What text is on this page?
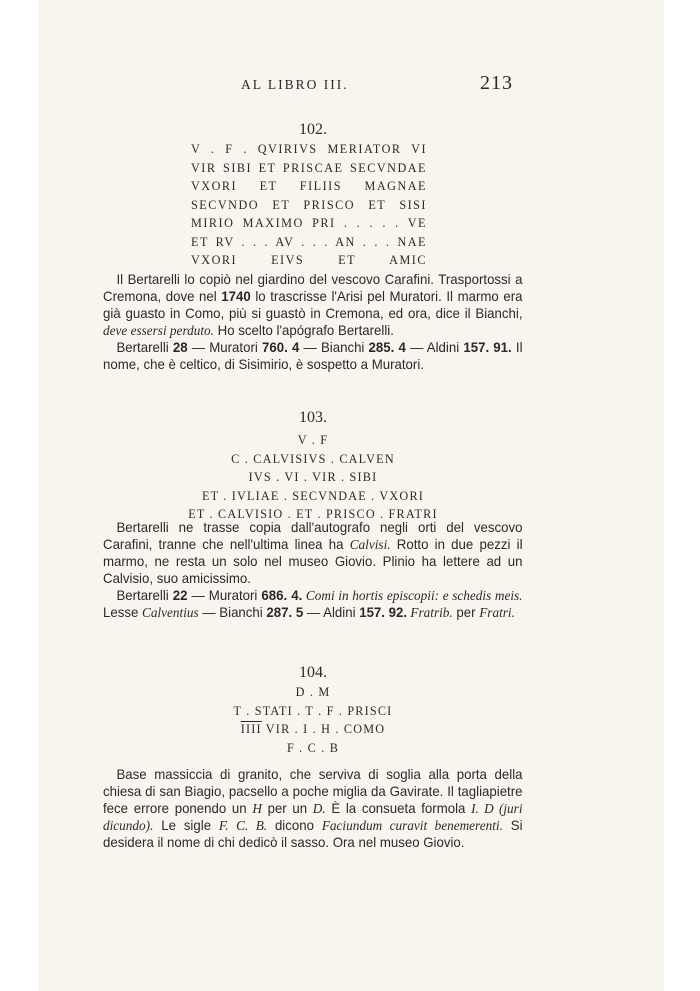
AL LIBRO III.	213
102.
V . F . QVIRIVS MERIATOR VI
VIR SIBI ET PRISCAE SECVNDAE
VXORI ET FILIIS MAGNAE
SECVNDO ET PRISCO ET SISI
MIRIO MAXIMO PRI . . . . . VE
ET RV . . . AV . . . AN . . . NAE
VXORI EIVS ET AMIC

Il Bertarelli lo copiò nel giardino del vescovo Carafini. Trasportossi a Cremona, dove nel 1740 lo trascrisse l'Arisi pel Muratori. Il marmo era già guasto in Como, più si guastò in Cremona, ed ora, dice il Bianchi, deve essersi perduto. Ho scelto l'apógrafo Bertarelli.

Bertarelli 28 — Muratori 760. 4 — Bianchi 285. 4 — Aldini 157. 91. Il nome, che è celtico, di Sisimirio, è sospetto a Muratori.

103.
V . F
C . CALVISIVS . CALVEN
IVS . VI . VIR . SIBI
ET . IVLIAE . SECVNDAE . VXORI
ET . CALVISIO . ET . PRISCO . FRATRI

Bertarelli ne trasse copia dall'autografo negli orti del vescovo Carafini, tranne che nell'ultima linea ha Calvisi. Rotto in due pezzi il marmo, ne resta un solo nel museo Giovio. Plinio ha lettere ad un Calvisio, suo amicissimo.

Bertarelli 22 — Muratori 686. 4. Comi in hortis episcopii: e schedis meis. Lesse Calventius — Bianchi 287. 5 — Aldini 157. 92. Fratrib. per Fratri.

104.
D . M
T . STATI . T . F . PRISCI
IIII VIR . I . H . COMO
F . C . B

Base massiccia di granito, che serviva di soglia alla porta della chiesa di san Biagio, pacsello a poche miglia da Gavirate. Il tagliapietre fece errore ponendo un H per un D. È la consueta formola I. D (juri dicundo). Le sigle F. C. B. dicono Faciundum curavit benemerenti. Si desidera il nome di chi dedicò il sasso. Ora nel museo Giovio.
